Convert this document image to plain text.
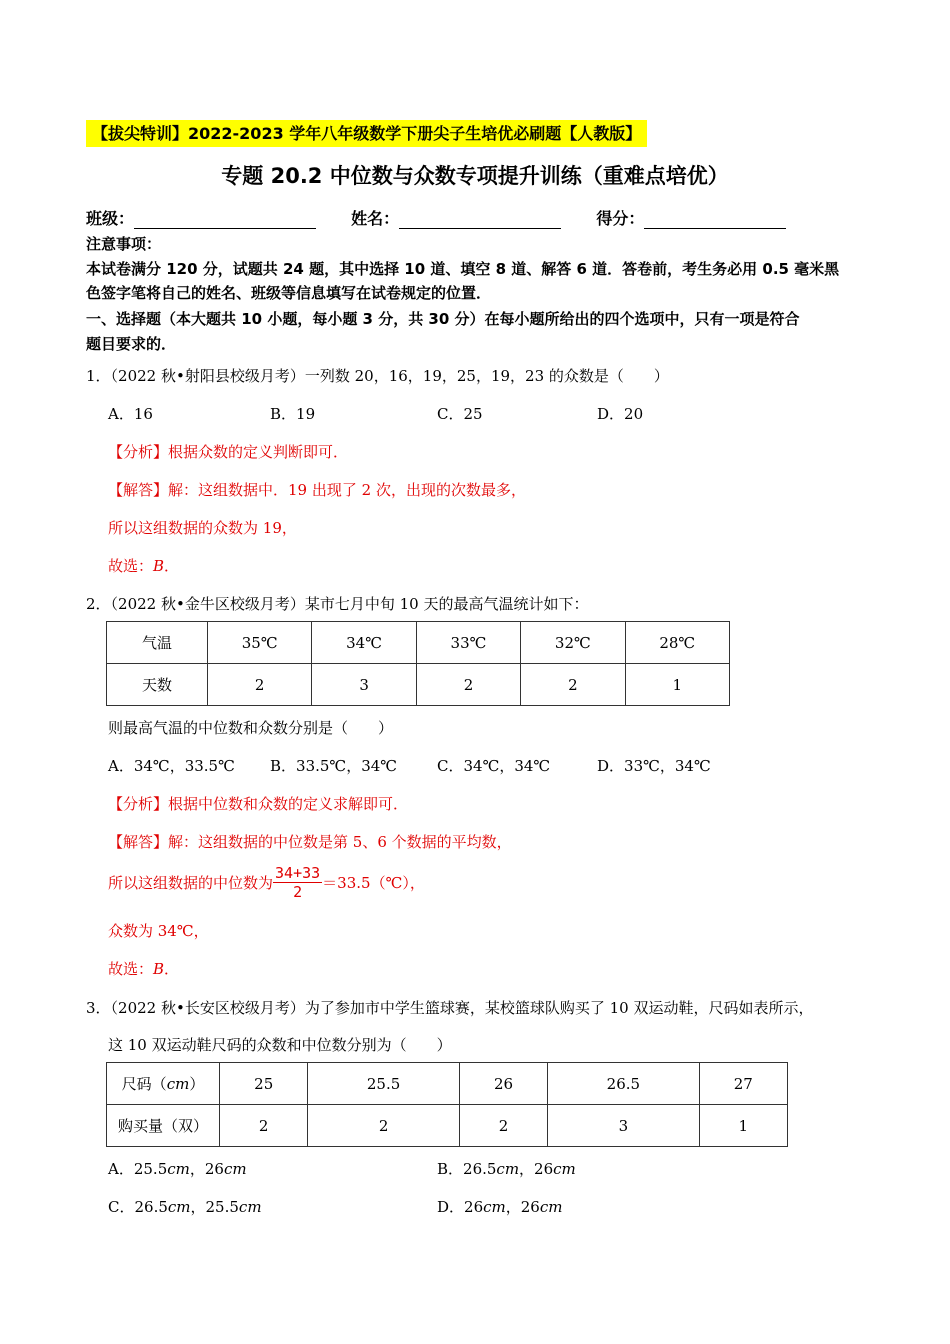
【拔尖特训】2022-2023 学年八年级数学下册尖子生培优必刷题【人教版】
专题 20.2 中位数与众数专项提升训练（重难点培优）
班级：	姓名：	得分：
注意事项：
本试卷满分 120 分，试题共 24 题，其中选择 10 道、填空 8 道、解答 6 道．答卷前，考生务必用 0.5 毫米黑
色签字笔将自己的姓名、班级等信息填写在试卷规定的位置．
一、选择题（本大题共 10 小题，每小题 3 分，共 30 分）在每小题所给出的四个选项中，只有一项是符合
题目要求的．
1．（2022 秋•射阳县校级月考）一列数 20，16，19，25，19，23 的众数是（　　）
A．16	B．19	C．25	D．20
【分析】根据众数的定义判断即可．
【解答】解：这组数据中．19 出现了 2 次，出现的次数最多，
所以这组数据的众数为 19，
故选：B．
2．（2022 秋•金牛区校级月考）某市七月中旬 10 天的最高气温统计如下：
气温	35℃	34℃	33℃	32℃	28℃
天数	2	3	2	2	1
则最高气温的中位数和众数分别是（　　）
A．34℃，33.5℃ B．33.5℃，34℃	C．34℃，34℃	D．33℃，34℃
【分析】根据中位数和众数的定义求解即可．
【解答】解：这组数据的中位数是第 5、6 个数据的平均数，
所以这组数据的中位数为 $\frac{34+33}{2}$ ＝33.5（℃），
众数为 34℃，
故选：B．
3．（2022 秋•长安区校级月考）为了参加市中学生篮球赛，某校篮球队购买了 10 双运动鞋，尺码如表所示，
这 10 双运动鞋尺码的众数和中位数分别为（　　）
尺码（cm）	25	25.5	26	26.5	27
购买量（双）	2	2	2	3	1
A．25.5cm，26cm	B．26.5cm，26cm
C．26.5cm，25.5cm	D．26cm，26cm
